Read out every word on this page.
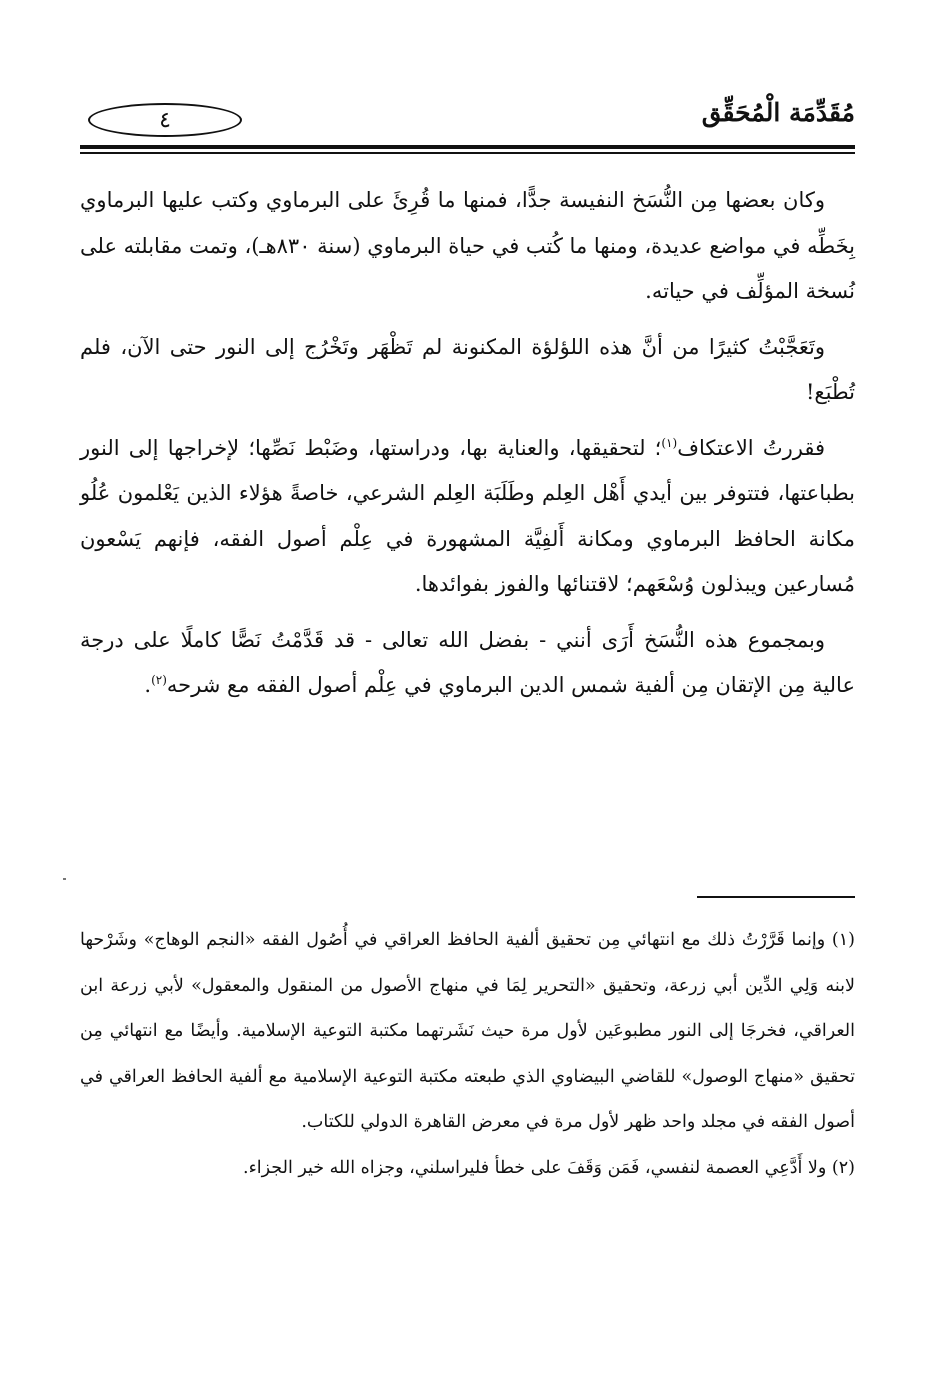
مُقَدِّمَة الْمُحَقِّق
٤

وكان بعضها مِن النُّسَخ النفيسة جدًّا، فمنها ما قُرِئَ على البرماوي وكتب عليها البرماوي بِخَطِّه في مواضع عديدة، ومنها ما كُتب في حياة البرماوي (سنة ٨٣٠هـ)، وتمت مقابلته على نُسخة المؤلِّف في حياته.

وتَعَجَّبْتُ كثيرًا من أنَّ هذه اللؤلؤة المكنونة لم تَظْهَر وتَخْرُج إلى النور حتى الآن، فلم تُطْبَع!

فقررتُ الاعتكاف$^{(١)}$؛ لتحقيقها، والعناية بها، ودراستها، وضَبْط نَصِّها؛ لإخراجها إلى النور بطباعتها، فتتوفر بين أيدي أَهْل العِلم وطَلَبَة العِلم الشرعي، خاصةً هؤلاء الذين يَعْلمون عُلُو مكانة الحافظ البرماوي ومكانة أَلفِيَّة المشهورة في عِلْم أصول الفقه، فإنهم يَسْعون مُسارعين ويبذلون وُسْعَهم؛ لاقتنائها والفوز بفوائدها.

وبمجموع هذه النُّسَخ أَرَى أنني - بفضل الله تعالى - قد قَدَّمْتُ نَصًّا كاملًا على درجة عالية مِن الإتقان مِن ألفية شمس الدين البرماوي في عِلْم أصول الفقه مع شرحه$^{(٢)}$.

(١) وإنما قَرَّرْتُ ذلك مع انتهائي مِن تحقيق ألفية الحافظ العراقي في أُصُول الفقه «النجم الوهاج» وشَرْحها لابنه وَلِي الدِّين أبي زرعة، وتحقيق «التحرير لِمَا في منهاج الأصول من المنقول والمعقول» لأبي زرعة ابن العراقي، فخرجَا إلى النور مطبوعَين لأول مرة حيث نَشَرتهما مكتبة التوعية الإسلامية. وأيضًا مع انتهائي مِن تحقيق «منهاج الوصول» للقاضي البيضاوي الذي طبعته مكتبة التوعية الإسلامية مع ألفية الحافظ العراقي في أصول الفقه في مجلد واحد ظهر لأول مرة في معرض القاهرة الدولي للكتاب.

(٢) ولا أَدَّعِي العصمة لنفسي، فَمَن وَقَفَ على خطأ فليراسلني، وجزاه الله خير الجزاء.
